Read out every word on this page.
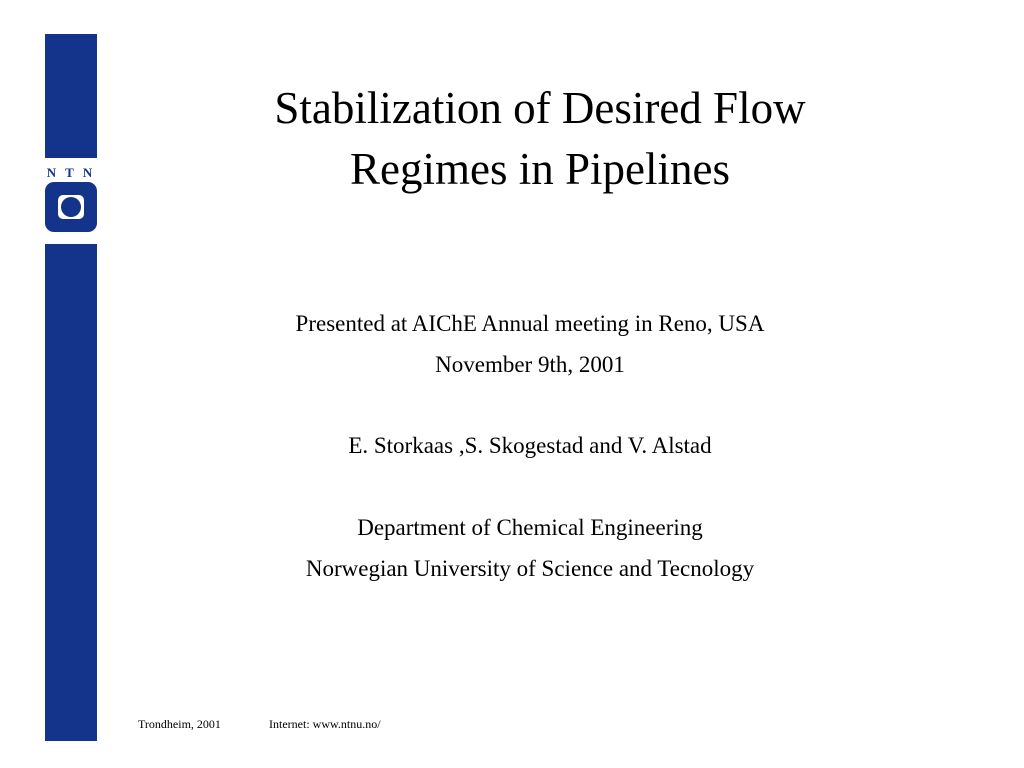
N T N
Stabilization of Desired Flow
Regimes in Pipelines
Presented at AIChE Annual meeting in Reno, USA
November 9th, 2001
E. Storkaas ,S. Skogestad and V. Alstad
Department of Chemical Engineering
Norwegian University of Science and Tecnology
Trondheim, 2001	Internet: www.ntnu.no/
